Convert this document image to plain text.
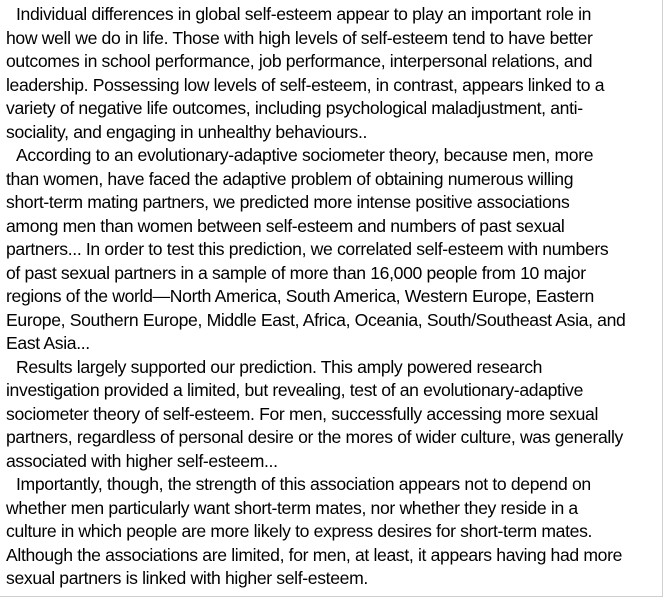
Individual differences in global self-esteem appear to play an important role in
how well we do in life. Those with high levels of self-esteem tend to have better
outcomes in school performance, job performance, interpersonal relations, and
leadership. Possessing low levels of self-esteem, in contrast, appears linked to a
variety of negative life outcomes, including psychological maladjustment, anti-
sociality, and engaging in unhealthy behaviours..
According to an evolutionary-adaptive sociometer theory, because men, more
than women, have faced the adaptive problem of obtaining numerous willing
short-term mating partners, we predicted more intense positive associations
among men than women between self-esteem and numbers of past sexual
partners... In order to test this prediction, we correlated self-esteem with numbers
of past sexual partners in a sample of more than 16,000 people from 10 major
regions of the world—North America, South America, Western Europe, Eastern
Europe, Southern Europe, Middle East, Africa, Oceania, South/Southeast Asia, and
East Asia...
Results largely supported our prediction. This amply powered research
investigation provided a limited, but revealing, test of an evolutionary-adaptive
sociometer theory of self-esteem. For men, successfully accessing more sexual
partners, regardless of personal desire or the mores of wider culture, was generally
associated with higher self-esteem...
Importantly, though, the strength of this association appears not to depend on
whether men particularly want short-term mates, nor whether they reside in a
culture in which people are more likely to express desires for short-term mates.
Although the associations are limited, for men, at least, it appears having had more
sexual partners is linked with higher self-esteem.
